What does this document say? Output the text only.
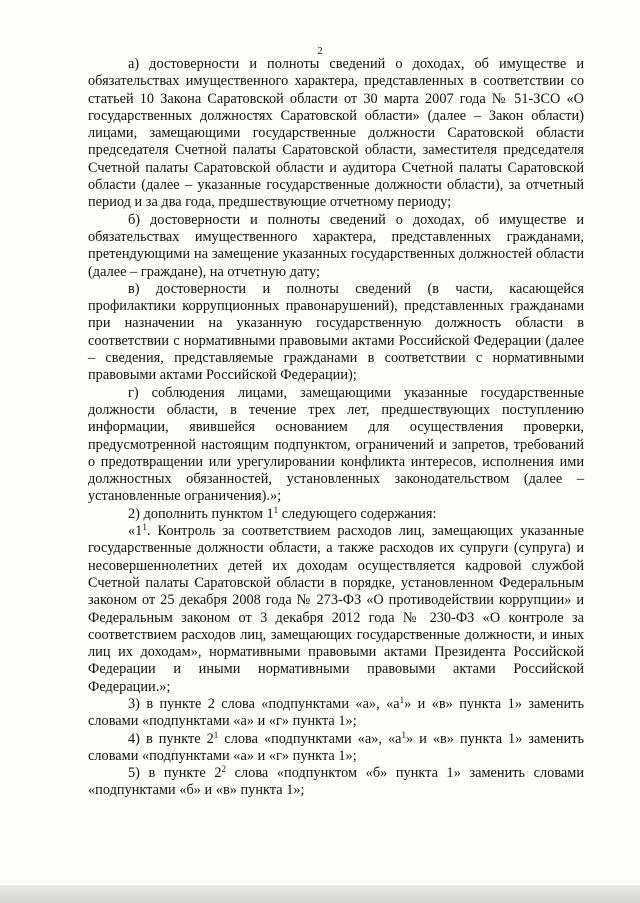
2

а) достоверности и полноты сведений о доходах, об имуществе и обязательствах имущественного характера, представленных в соответствии со статьей 10 Закона Саратовской области от 30 марта 2007 года № 51-ЗСО «О государственных должностях Саратовской области» (далее – Закон области) лицами, замещающими государственные должности Саратовской области председателя Счетной палаты Саратовской области, заместителя председателя Счетной палаты Саратовской области и аудитора Счетной палаты Саратовской области (далее – указанные государственные должности области), за отчетный период и за два года, предшествующие отчетному периоду;

б) достоверности и полноты сведений о доходах, об имуществе и обязательствах имущественного характера, представленных гражданами, претендующими на замещение указанных государственных должностей области (далее – граждане), на отчетную дату;

в) достоверности и полноты сведений (в части, касающейся профилактики коррупционных правонарушений), представленных гражданами при назначении на указанную государственную должность области в соответствии с нормативными правовыми актами Российской Федерации (далее – сведения, представляемые гражданами в соответствии с нормативными правовыми актами Российской Федерации);

г) соблюдения лицами, замещающими указанные государственные должности области, в течение трех лет, предшествующих поступлению информации, явившейся основанием для осуществления проверки, предусмотренной настоящим подпунктом, ограничений и запретов, требований о предотвращении или урегулировании конфликта интересов, исполнения ими должностных обязанностей, установленных законодательством (далее – установленные ограничения).»;

2) дополнить пунктом $1^1$ следующего содержания:

«$1^1$. Контроль за соответствием расходов лиц, замещающих указанные государственные должности области, а также расходов их супруги (супруга) и несовершеннолетних детей их доходам осуществляется кадровой службой Счетной палаты Саратовской области в порядке, установленном Федеральным законом от 25 декабря 2008 года № 273-ФЗ «О противодействии коррупции» и Федеральным законом от 3 декабря 2012 года № 230-ФЗ «О контроле за соответствием расходов лиц, замещающих государственные должности, и иных лиц их доходам», нормативными правовыми актами Президента Российской Федерации и иными нормативными правовыми актами Российской Федерации.»;

3) в пункте 2 слова «подпунктами «а», «$а^1$» и «в» пункта 1» заменить словами «подпунктами «а» и «г» пункта 1»;

4) в пункте $2^1$ слова «подпунктами «а», «$а^1$» и «в» пункта 1» заменить словами «подпунктами «а» и «г» пункта 1»;

5) в пункте $2^2$ слова «подпунктом «б» пункта 1» заменить словами «подпунктами «б» и «в» пункта 1»;
